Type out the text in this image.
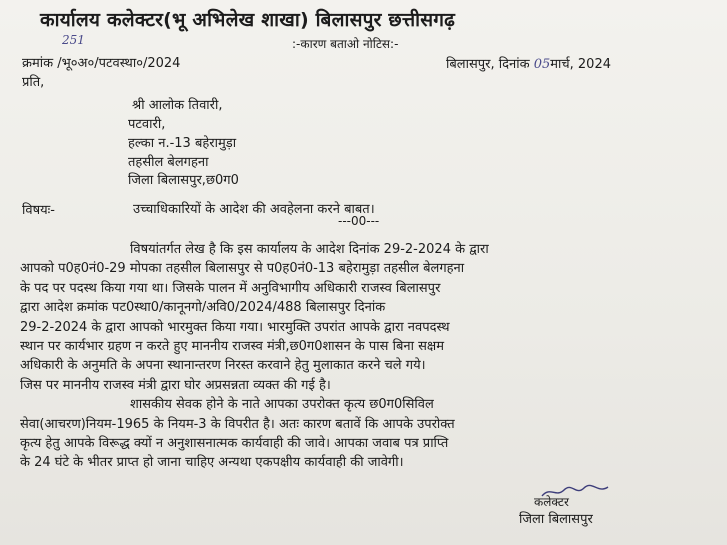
कार्यालय कलेक्टर(भू अभिलेख शाखा) बिलासपुर छत्तीसगढ़
251	:-कारण बताओ नोटिस:-
क्रमांक /भू०अ०/पटवस्था०/2024	बिलासपुर, दिनांक 05मार्च, 2024
प्रति,
श्री आलोक तिवारी,
पटवारी,
हल्का न.-13 बहेरामुड़ा
तहसील बेलगहना
जिला बिलासपुर,छ0ग0
विषयः-	उच्चाधिकारियों के आदेश की अवहेलना करने बाबत।
---00---
विषयांतर्गत लेख है कि इस कार्यालय के आदेश दिनांक 29-2-2024 के द्वारा
आपको प0ह0नं0-29 मोपका तहसील बिलासपुर से प0ह0नं0-13 बहेरामुड़ा तहसील बेलगहना
के पद पर पदस्थ किया गया था। जिसके पालन में अनुविभागीय अधिकारी राजस्व बिलासपुर
द्वारा आदेश क्रमांक पट0स्था0/कानूनगो/अवि0/2024/488 बिलासपुर दिनांक
29-2-2024 के द्वारा आपको भारमुक्त किया गया। भारमुक्ति उपरांत आपके द्वारा नवपदस्थ
स्थान पर कार्यभार ग्रहण न करते हुए माननीय राजस्व मंत्री,छ0ग0शासन के पास बिना सक्षम
अधिकारी के अनुमति के अपना स्थानान्तरण निरस्त करवाने हेतु मुलाकात करने चले गये।
जिस पर माननीय राजस्व मंत्री द्वारा घोर अप्रसन्नता व्यक्त की गई है।
शासकीय सेवक होने के नाते आपका उपरोक्त कृत्य छ0ग0सिविल
सेवा(आचरण)नियम-1965 के नियम-3 के विपरीत है। अतः कारण बतावें कि आपके उपरोक्त
कृत्य हेतु आपके विरूद्ध क्यों न अनुशासनात्मक कार्यवाही की जावे। आपका जवाब पत्र प्राप्ति
के 24 घंटे के भीतर प्राप्त हो जाना चाहिए अन्यथा एकपक्षीय कार्यवाही की जावेगी।
कलेक्टर
जिला बिलासपुर
